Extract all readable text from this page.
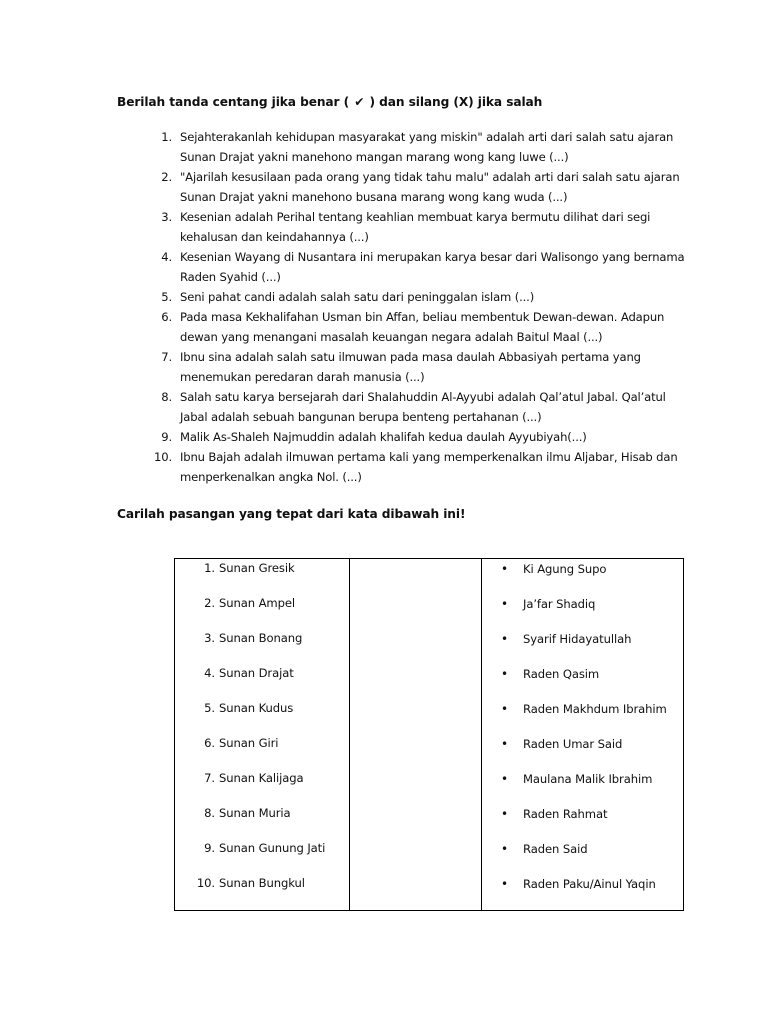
Berilah tanda centang jika benar ( ✔ ) dan silang (X) jika salah
1. Sejahterakanlah kehidupan masyarakat yang miskin" adalah arti dari salah satu ajaran
Sunan Drajat yakni manehono mangan marang wong kang luwe (...)
2. "Ajarilah kesusilaan pada orang yang tidak tahu malu" adalah arti dari salah satu ajaran
Sunan Drajat yakni manehono busana marang wong kang wuda (...)
3. Kesenian adalah Perihal tentang keahlian membuat karya bermutu dilihat dari segi
kehalusan dan keindahannya (...)
4. Kesenian Wayang di Nusantara ini merupakan karya besar dari Walisongo yang bernama
Raden Syahid (...)
5. Seni pahat candi adalah salah satu dari peninggalan islam (...)
6. Pada masa Kekhalifahan Usman bin Affan, beliau membentuk Dewan-dewan. Adapun
dewan yang menangani masalah keuangan negara adalah Baitul Maal (...)
7. Ibnu sina adalah salah satu ilmuwan pada masa daulah Abbasiyah pertama yang
menemukan peredaran darah manusia (...)
8. Salah satu karya bersejarah dari Shalahuddin Al-Ayyubi adalah Qal’atul Jabal. Qal’atul
Jabal adalah sebuah bangunan berupa benteng pertahanan (...)
9. Malik As-Shaleh Najmuddin adalah khalifah kedua daulah Ayyubiyah(...)
10. Ibnu Bajah adalah ilmuwan pertama kali yang memperkenalkan ilmu Aljabar, Hisab dan
menperkenalkan angka Nol. (...)
Carilah pasangan yang tepat dari kata dibawah ini!
1. Sunan Gresik
2. Sunan Ampel
3. Sunan Bonang
4. Sunan Drajat
5. Sunan Kudus
6. Sunan Giri
7. Sunan Kalijaga
8. Sunan Muria
9. Sunan Gunung Jati
10. Sunan Bungkul
• Ki Agung Supo
• Ja’far Shadiq
• Syarif Hidayatullah
• Raden Qasim
• Raden Makhdum Ibrahim
• Raden Umar Said
• Maulana Malik Ibrahim
• Raden Rahmat
• Raden Said
• Raden Paku/Ainul Yaqin
